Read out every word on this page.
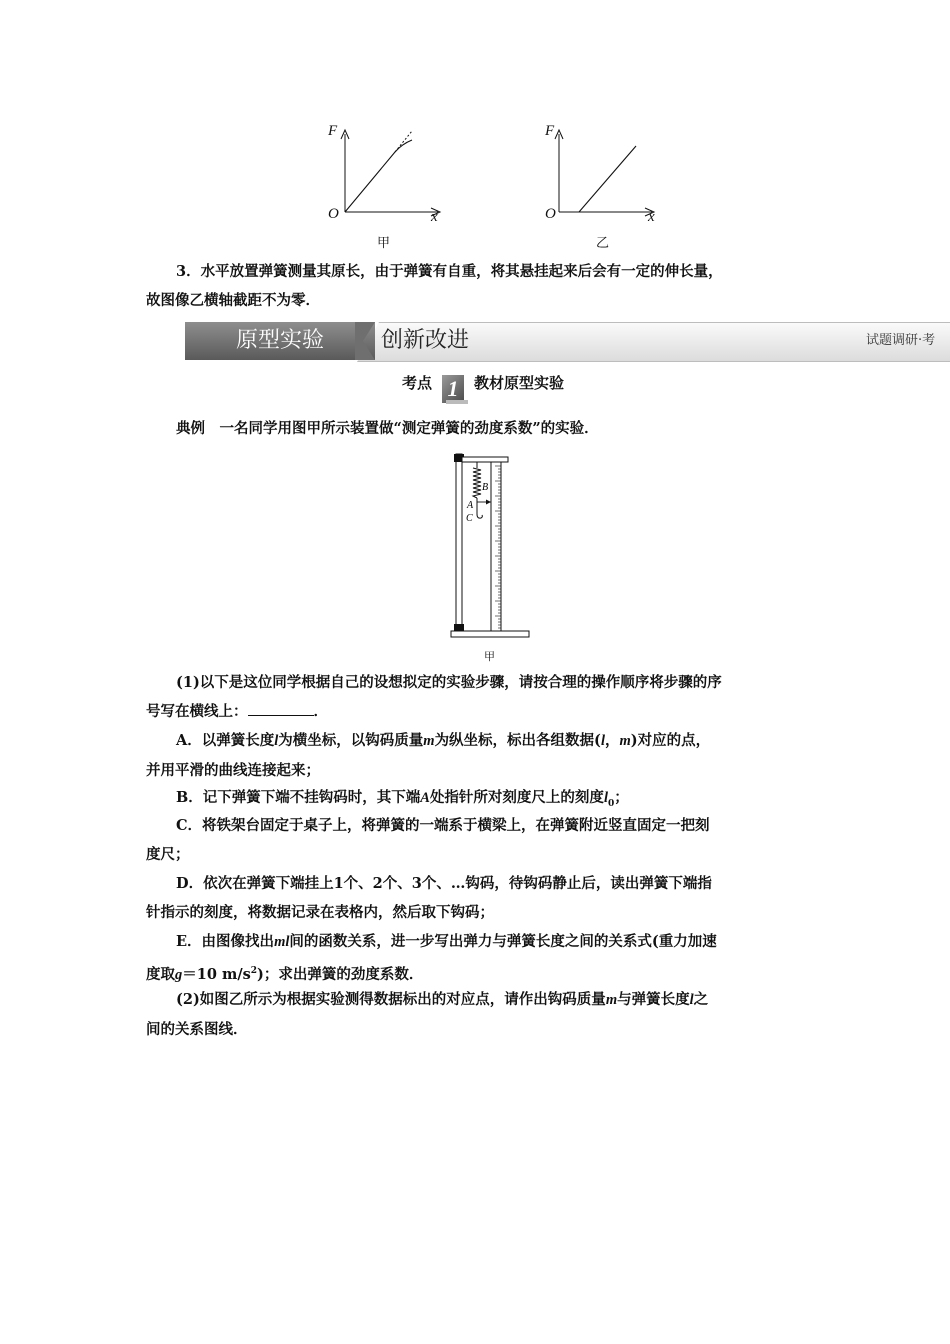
F
O	x
甲
F
O	x
乙
3．水平放置弹簧测量其原长，由于弹簧有自重，将其悬挂起来后会有一定的伸长量，
故图像乙横轴截距不为零．
原型实验	创新改进	试题调研·考
考点 1 教材原型实验
典例　 一名同学用图甲所示装置做“测定弹簧的劲度系数”的实验．
B
A
C
甲
(1)以下是这位同学根据自己的设想拟定的实验步骤，请按合理的操作顺序将步骤的序
号写在横线上：	．
A．以弹簧长度l为横坐标，以钩码质量m为纵坐标，标出各组数据(l，m)对应的点，
并用平滑的曲线连接起来；
B．记下弹簧下端不挂钩码时，其下端A处指针所对刻度尺上的刻度$l_0$；
C．将铁架台固定于桌子上，将弹簧的一端系于横梁上，在弹簧附近竖直固定一把刻
度尺；
D．依次在弹簧下端挂上1个、2个、3个、…钩码，待钩码静止后，读出弹簧下端指
针指示的刻度，将数据记录在表格内，然后取下钩码；
E．由图像找出ml间的函数关系，进一步写出弹力与弹簧长度之间的关系式(重力加速
度取g＝10 $m/s^2$)；求出弹簧的劲度系数．
(2)如图乙所示为根据实验测得数据标出的对应点，请作出钩码质量m与弹簧长度l之
间的关系图线．
